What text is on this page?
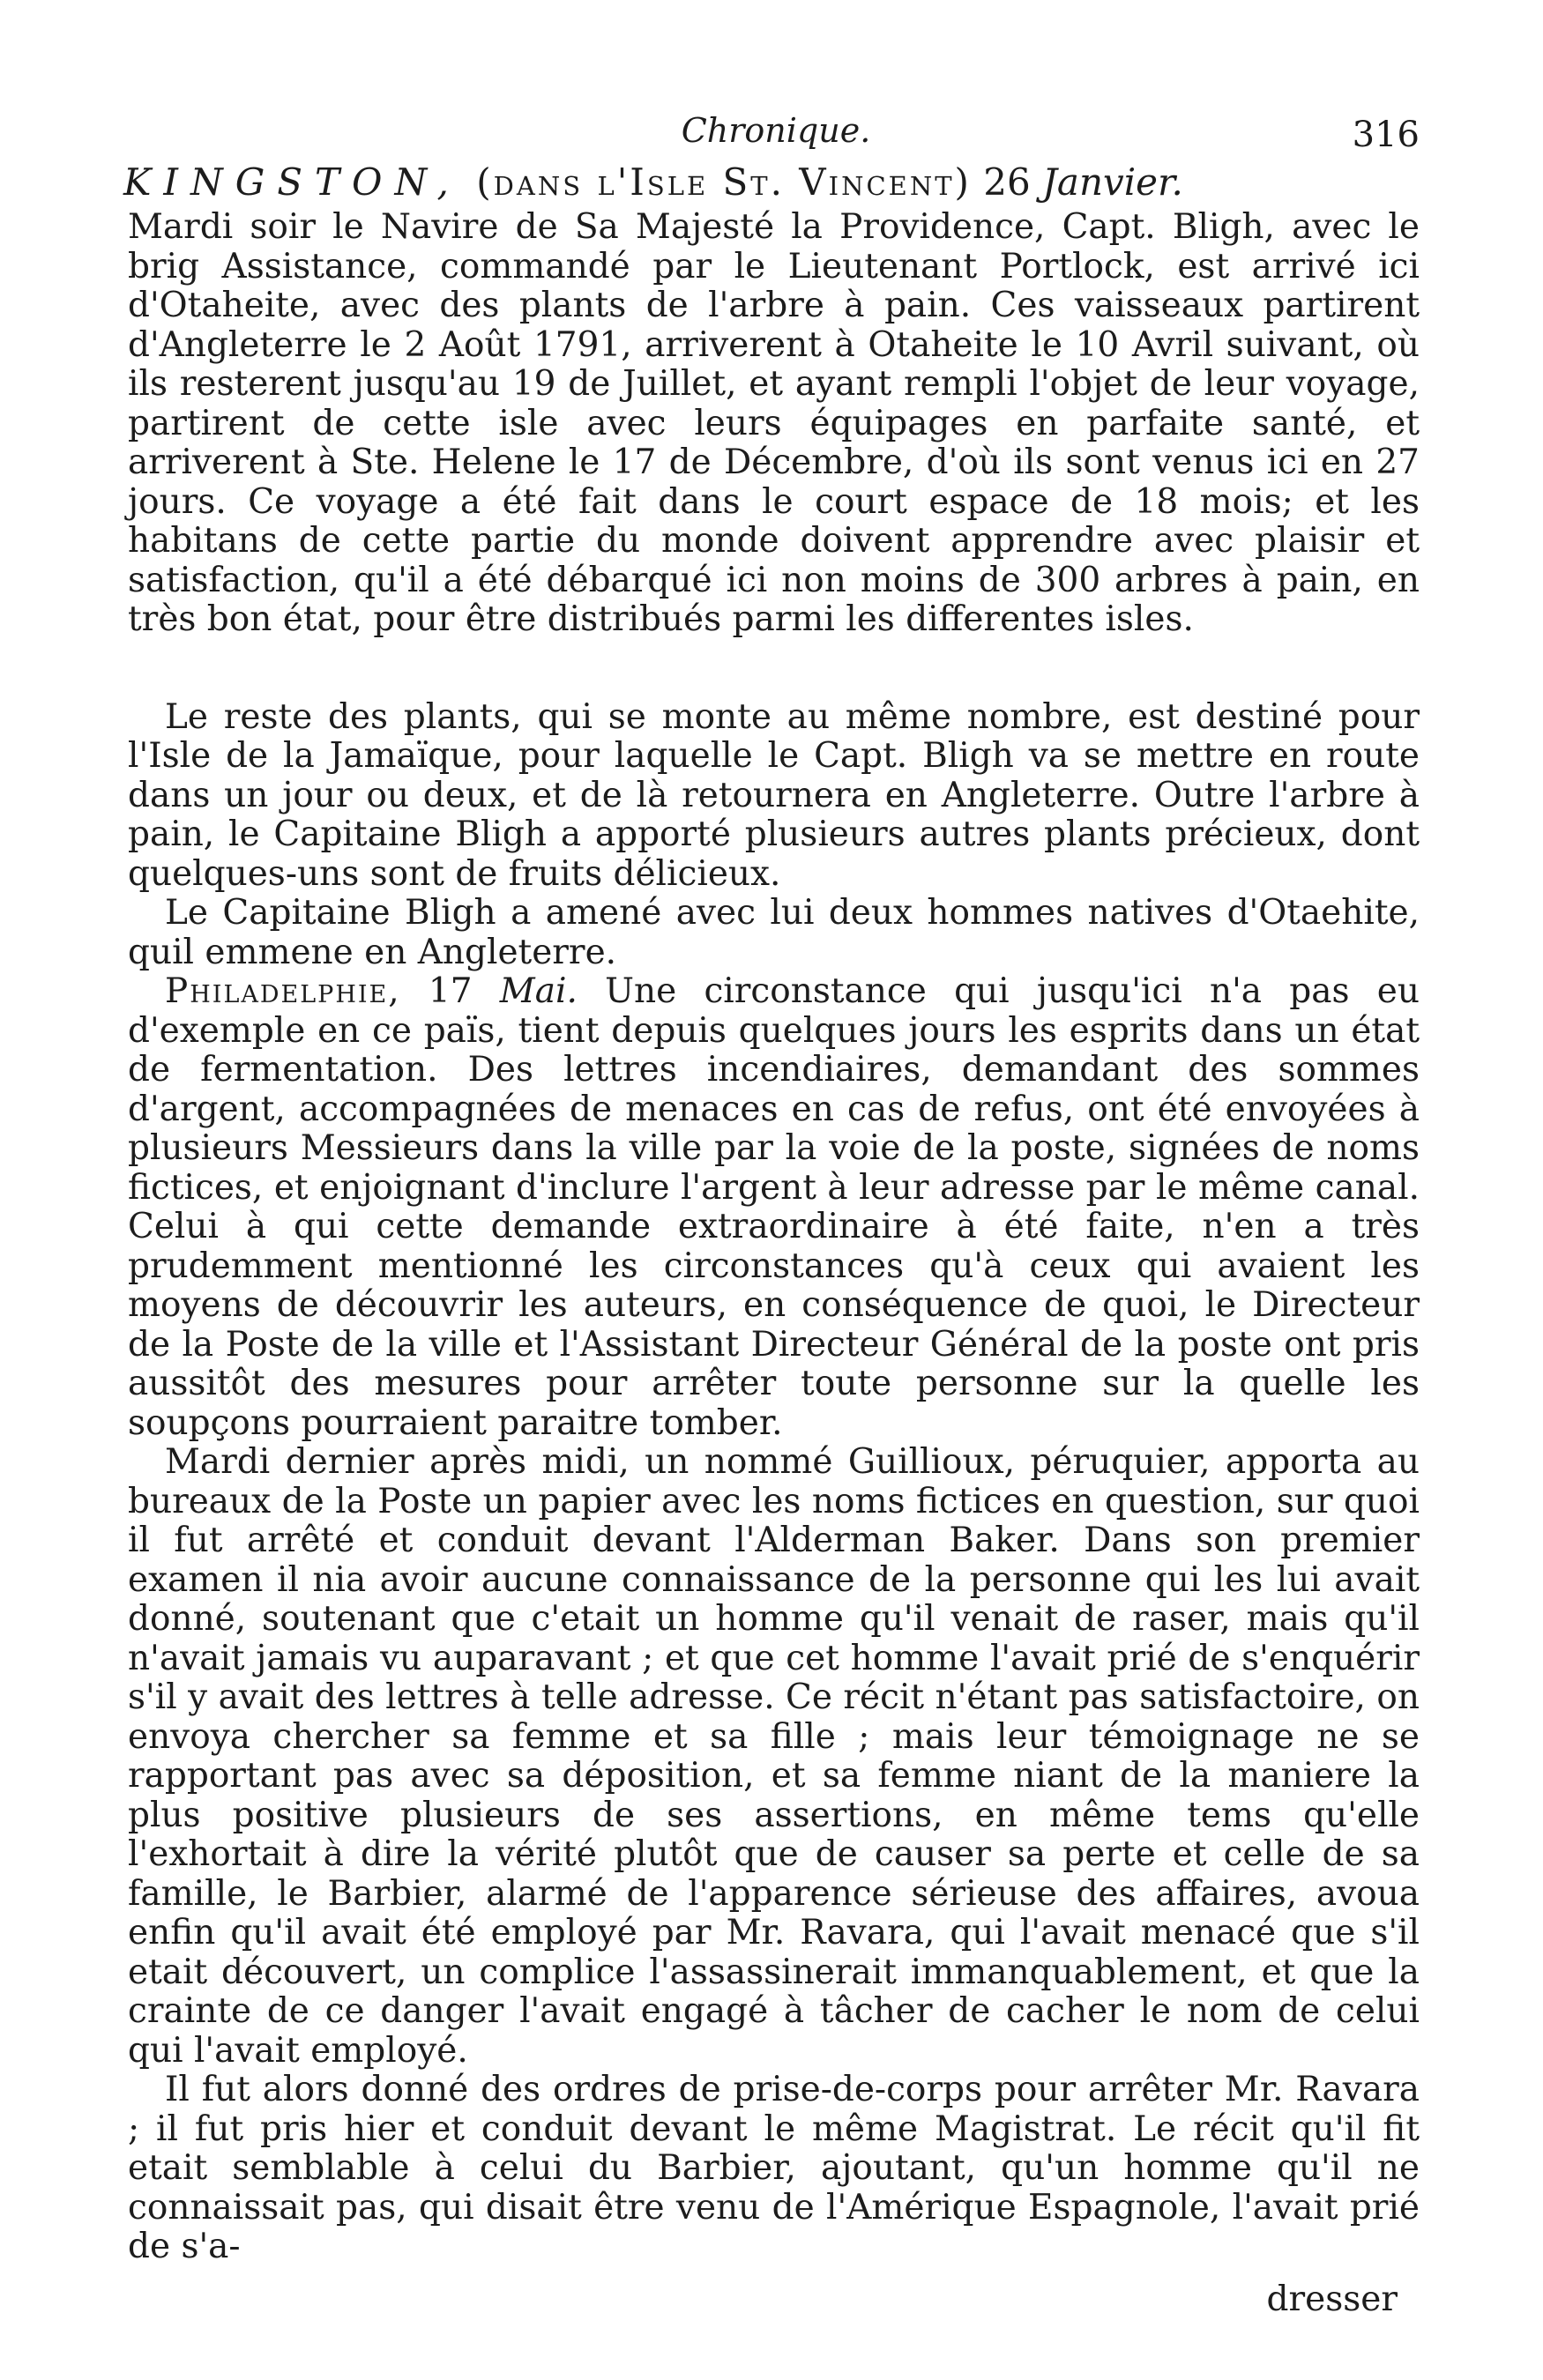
Chronique.	316
KINGSTON, (dans l'Isle St. Vincent) 26 Janvier.

Mardi soir le Navire de Sa Majesté la Providence, Capt. Bligh, avec le brig Assistance, commandé par le Lieutenant Portlock, est arrivé ici d'Otaheite, avec des plants de l'arbre à pain. Ces vaisseaux partirent d'Angleterre le 2 Août 1791, arriverent à Otaheite le 10 Avril suivant, où ils resterent jusqu'au 19 de Juillet, et ayant rempli l'objet de leur voyage, partirent de cette isle avec leurs équipages en parfaite santé, et arriverent à Ste. Helene le 17 de Décembre, d'où ils sont venus ici en 27 jours. Ce voyage a été fait dans le court espace de 18 mois; et les habitans de cette partie du monde doivent apprendre avec plaisir et satisfaction, qu'il a été débarqué ici non moins de 300 arbres à pain, en très bon état, pour être distribués parmi les differentes isles.

Le reste des plants, qui se monte au même nombre, est destiné pour l'Isle de la Jamaïque, pour laquelle le Capt. Bligh va se mettre en route dans un jour ou deux, et de là retournera en Angleterre. Outre l'arbre à pain, le Capitaine Bligh a apporté plusieurs autres plants précieux, dont quelques-uns sont de fruits délicieux.

Le Capitaine Bligh a amené avec lui deux hommes natives d'Otaehite, quil emmene en Angleterre.

Philadelphie, 17 Mai. Une circonstance qui jusqu'ici n'a pas eu d'exemple en ce païs, tient depuis quelques jours les esprits dans un état de fermentation. Des lettres incendiaires, demandant des sommes d'argent, accompagnées de menaces en cas de refus, ont été envoyées à plusieurs Messieurs dans la ville par la voie de la poste, signées de noms fictices, et enjoignant d'inclure l'argent à leur adresse par le même canal. Celui à qui cette demande extraordinaire à été faite, n'en a très prudemment mentionné les circonstances qu'à ceux qui avaient les moyens de découvrir les auteurs, en conséquence de quoi, le Directeur de la Poste de la ville et l'Assistant Directeur Général de la poste ont pris aussitôt des mesures pour arrêter toute personne sur la quelle les soupçons pourraient paraitre tomber.

Mardi dernier après midi, un nommé Guillioux, péruquier, apporta au bureaux de la Poste un papier avec les noms fictices en question, sur quoi il fut arrêté et conduit devant l'Alderman Baker. Dans son premier examen il nia avoir aucune connaissance de la personne qui les lui avait donné, soutenant que c'etait un homme qu'il venait de raser, mais qu'il n'avait jamais vu auparavant ; et que cet homme l'avait prié de s'enquérir s'il y avait des lettres à telle adresse. Ce récit n'étant pas satisfactoire, on envoya chercher sa femme et sa fille ; mais leur témoignage ne se rapportant pas avec sa déposition, et sa femme niant de la maniere la plus positive plusieurs de ses assertions, en même tems qu'elle l'exhortait à dire la vérité plutôt que de causer sa perte et celle de sa famille, le Barbier, alarmé de l'apparence sérieuse des affaires, avoua enfin qu'il avait été employé par Mr. Ravara, qui l'avait menacé que s'il etait découvert, un complice l'assassinerait immanquablement, et que la crainte de ce danger l'avait engagé à tâcher de cacher le nom de celui qui l'avait employé.

Il fut alors donné des ordres de prise-de-corps pour arrêter Mr. Ravara ; il fut pris hier et conduit devant le même Magistrat. Le récit qu'il fit etait semblable à celui du Barbier, ajoutant, qu'un homme qu'il ne connaissait pas, qui disait être venu de l'Amérique Espagnole, l'avait prié de s'a-

dresser
